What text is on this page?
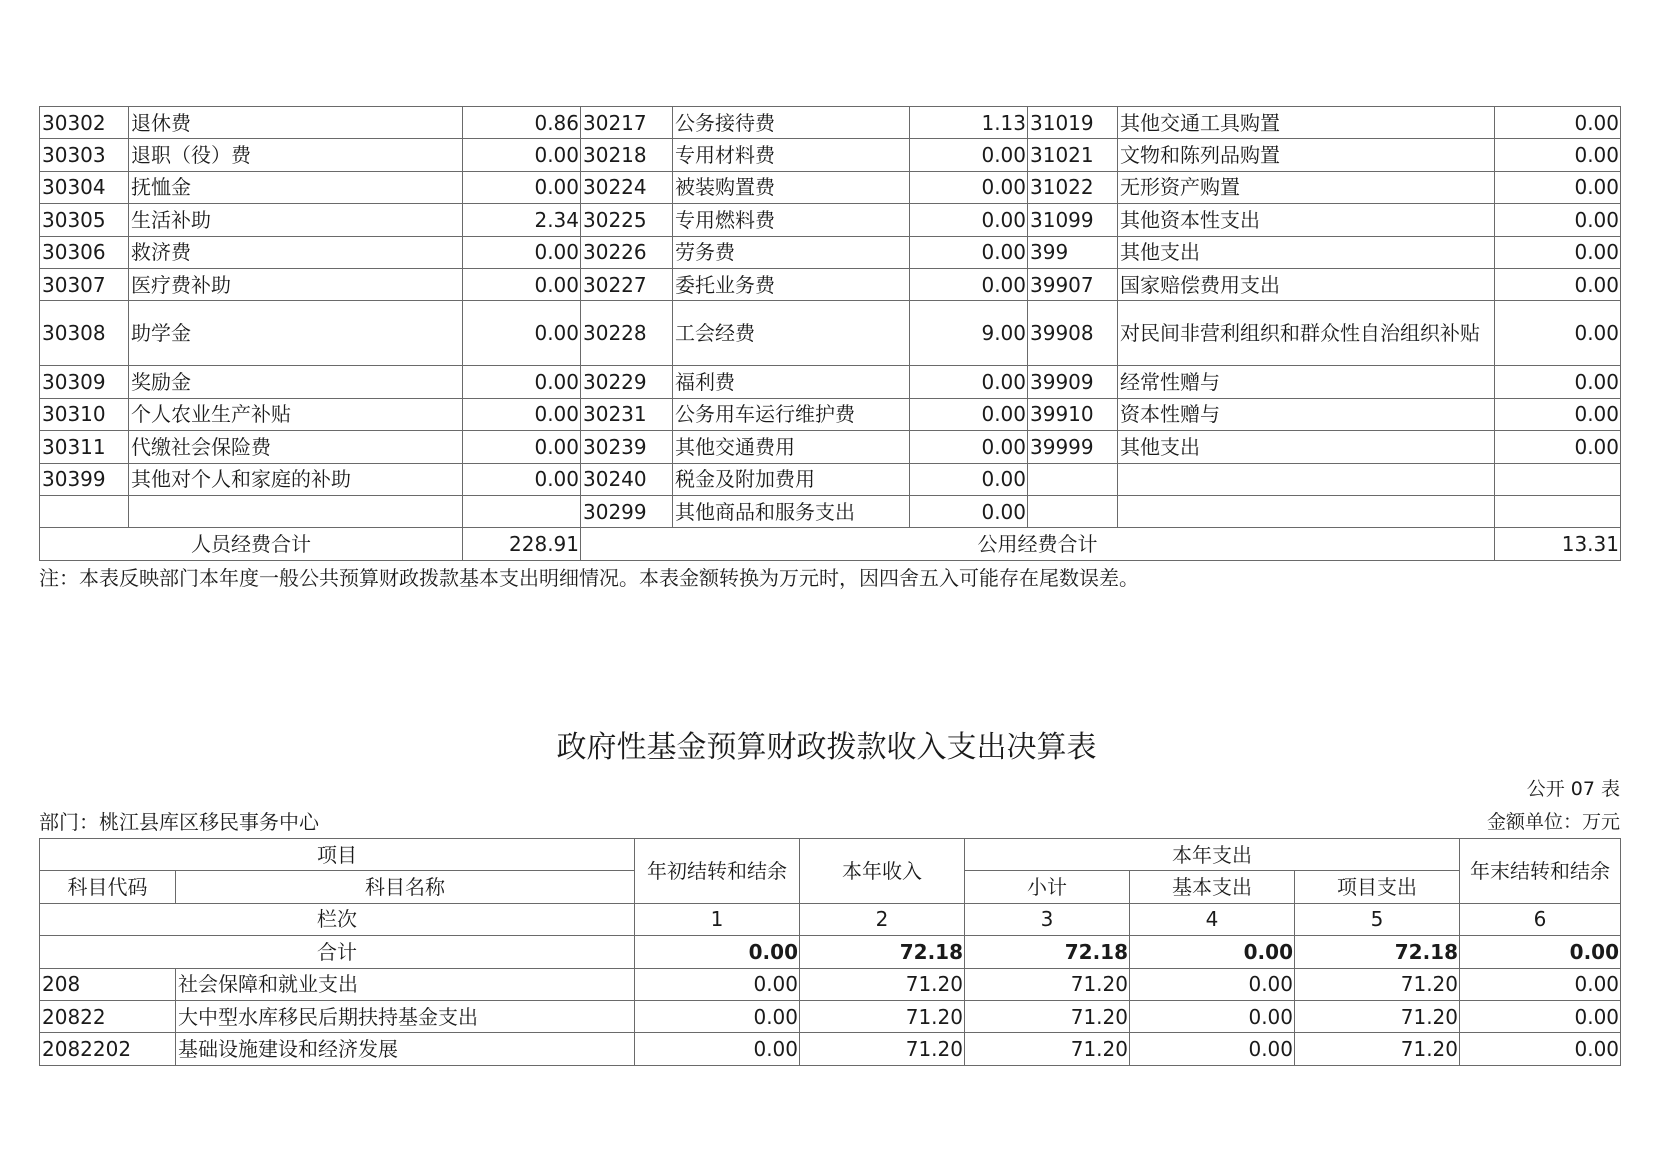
30302	退休费	0.86	30217	公务接待费	1.13	31019	其他交通工具购置	0.00
30303	退职（役）费	0.00	30218	专用材料费	0.00	31021	文物和陈列品购置	0.00
30304	抚恤金	0.00	30224	被装购置费	0.00	31022	无形资产购置	0.00
30305	生活补助	2.34	30225	专用燃料费	0.00	31099	其他资本性支出	0.00
30306	救济费	0.00	30226	劳务费	0.00	399	其他支出	0.00
30307	医疗费补助	0.00	30227	委托业务费	0.00	39907	国家赔偿费用支出	0.00
30308	助学金	0.00	30228	工会经费	9.00	39908	对民间非营利组织和群众性自治组织补贴	0.00
30309	奖励金	0.00	30229	福利费	0.00	39909	经常性赠与	0.00
30310	个人农业生产补贴	0.00	30231	公务用车运行维护费	0.00	39910	资本性赠与	0.00
30311	代缴社会保险费	0.00	30239	其他交通费用	0.00	39999	其他支出	0.00
30399	其他对个人和家庭的补助	0.00	30240	税金及附加费用	0.00			
			30299	其他商品和服务支出	0.00			
人员经费合计		228.91	公用经费合计					13.31
注：本表反映部门本年度一般公共预算财政拨款基本支出明细情况。本表金额转换为万元时，因四舍五入可能存在尾数误差。
政府性基金预算财政拨款收入支出决算表
公开 07 表
部门：桃江县库区移民事务中心	金额单位：万元
项目		年初结转和结余	本年收入	本年支出			年末结转和结余
科目代码	科目名称			小计	基本支出	项目支出	
栏次		1	2	3	4	5	6
合计		0.00	72.18	72.18	0.00	72.18	0.00
208	社会保障和就业支出	0.00	71.20	71.20	0.00	71.20	0.00
20822	大中型水库移民后期扶持基金支出	0.00	71.20	71.20	0.00	71.20	0.00
2082202	基础设施建设和经济发展	0.00	71.20	71.20	0.00	71.20	0.00
